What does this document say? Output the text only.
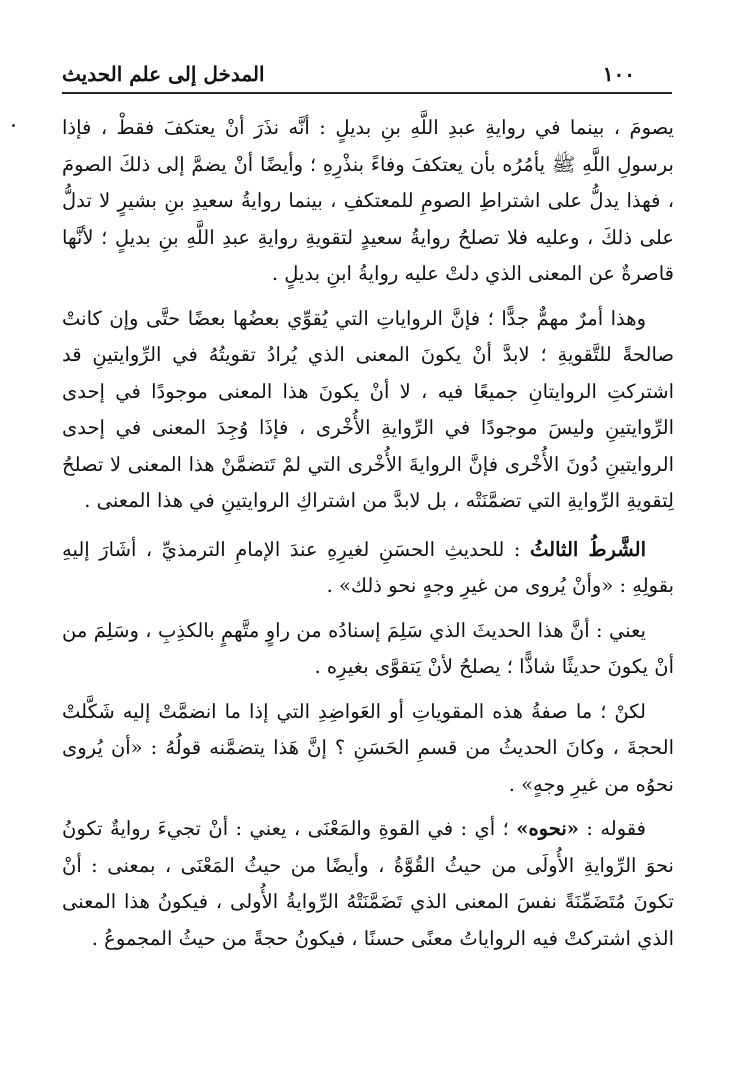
١٠٠
المدخل إلى علم الحديث

يصومَ ، بينما في روايةِ عبدِ اللَّهِ بنِ بديلٍ : أنَّه نذَرَ أنْ يعتكفَ فقطْ ، فإذا برسولِ اللَّهِ ﷺ يأمُرُه بأن يعتكفَ وفاءً بنذْرِهِ ؛ وأيضًا أنْ يضمَّ إلى ذلكَ الصومَ ، فهذا يدلُّ على اشتراطِ الصومِ للمعتكفِ ، بينما روايةُ سعيدِ بنِ بشيرٍ لا تدلُّ على ذلكَ ، وعليه فلا تصلحُ روايةُ سعيدٍ لتقويةِ روايةِ عبدِ اللَّهِ بنِ بديلٍ ؛ لأنَّها قاصرةٌ عن المعنى الذي دلتْ عليه روايةُ ابنِ بديلٍ .

وهذا أمرٌ مهمٌّ جدًّا ؛ فإنَّ الرواياتِ التي يُقوِّي بعضُها بعضًا حتَّى وإن كانتْ صالحةً للتَّقويةِ ؛ لابدَّ أنْ يكونَ المعنى الذي يُرادُ تقويتُهُ في الرِّوايتينِ قد اشتركتِ الروايتانِ جميعًا فيه ، لا أنْ يكونَ هذا المعنى موجودًا في إحدى الرِّوايتينِ وليسَ موجودًا في الرِّوايةِ الأُخْرى ، فإذَا وُجِدَ المعنى في إحدى الروايتينِ دُونَ الأُخْرى فإنَّ الروايةَ الأُخْرى التي لمْ تَتضمَّنْ هذا المعنى لا تصلحُ لِتقويةِ الرِّوايةِ التي تضمَّنَتْه ، بل لابدَّ من اشتراكِ الروايتينِ في هذا المعنى .

الشَّرطُ الثالثُ : للحديثِ الحسَنِ لغيرِهِ عندَ الإمامِ الترمذيِّ ، أشَارَ إليهِ بقولِهِ : «وأنْ يُروى من غيرِ وجهٍ نحو ذلك» .

يعني : أنَّ هذا الحديثَ الذي سَلِمَ إسنادُه من راوٍ متَّهمٍ بالكذِبِ ، وسَلِمَ من أنْ يكونَ حديثًا شاذًّا ؛ يصلحُ لأنْ يَتقوَّى بغيرِه .

لكنْ ؛ ما صفةُ هذه المقوياتِ أو العَواضِدِ التي إذا ما انضمَّتْ إليه شَكَّلتْ الحجةَ ، وكانَ الحديثُ من قسمِ الحَسَنِ ؟ إنَّ هَذا يتضمَّنه قولُهُ : «أن يُروى نحوُه من غيرِ وجهٍ» .

فقوله : «نحوه» ؛ أي : في القوةِ والمَعْنَى ، يعني : أنْ تجيءَ روايةٌ تكونُ نحوَ الرِّوايةِ الأُولَى من حيثُ القُوَّةُ ، وأيضًا من حيثُ المَعْنَى ، بمعنى : أنْ تكونَ مُتَضَمِّنَةً نفسَ المعنى الذي تَضَمَّنَتْهُ الرِّوايةُ الأُولى ، فيكونُ هذا المعنى الذي اشتركتْ فيه الرواياتُ معنًى حسنًا ، فيكونُ حجةً من حيثُ المجموعُ .
